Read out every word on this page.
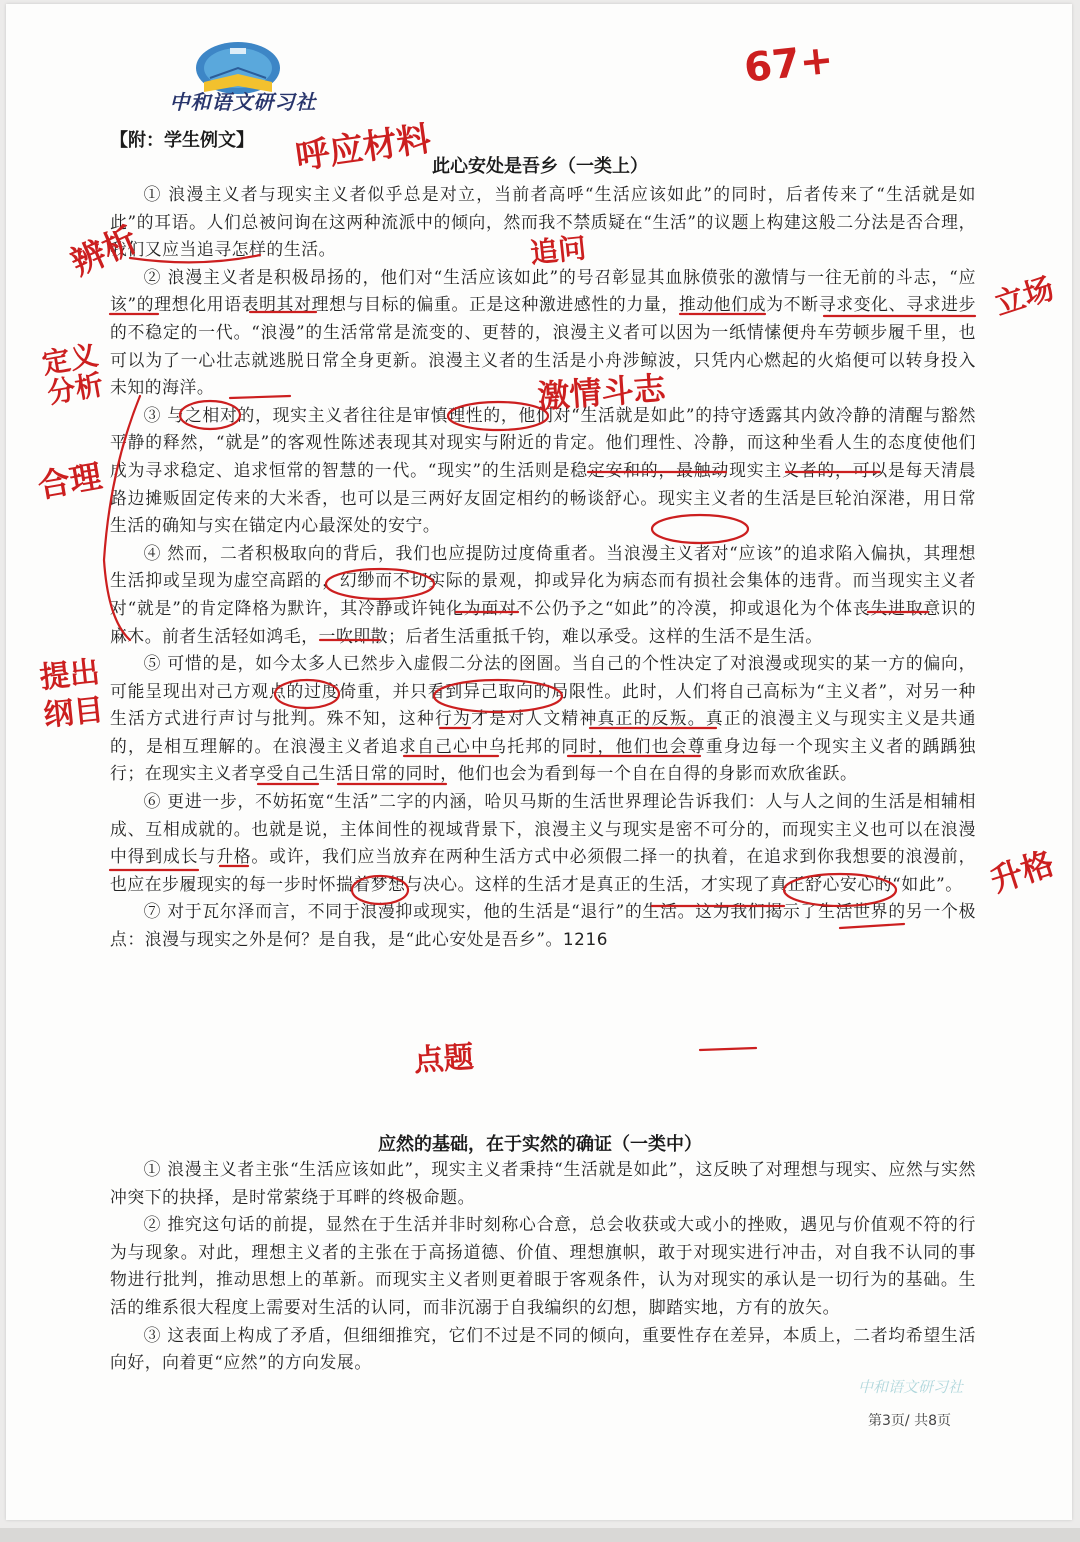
中和语文研习社
【附：学生例文】
此心安处是吾乡（一类上）

① 浪漫主义者与现实主义者似乎总是对立，当前者高呼“生活应该如此”的同时，后者传来了“生活就是如此”的耳语。人们总被问询在这两种流派中的倾向，然而我不禁质疑在“生活”的议题上构建这般二分法是否合理，我们又应当追寻怎样的生活。

② 浪漫主义者是积极昂扬的，他们对“生活应该如此”的号召彰显其血脉偾张的激情与一往无前的斗志，“应该”的理想化用语表明其对理想与目标的偏重。正是这种激进感性的力量，推动他们成为不断寻求变化、寻求进步的不稳定的一代。“浪漫”的生活常常是流变的、更替的，浪漫主义者可以因为一纸情愫便舟车劳顿步履千里，也可以为了一心壮志就逃脱日常全身更新。浪漫主义者的生活是小舟涉鲸波，只凭内心燃起的火焰便可以转身投入未知的海洋。

③ 与之相对的，现实主义者往往是审慎理性的，他们对“生活就是如此”的持守透露其内敛冷静的清醒与豁然平静的释然，“就是”的客观性陈述表现其对现实与附近的肯定。他们理性、冷静，而这种坐看人生的态度使他们成为寻求稳定、追求恒常的智慧的一代。“现实”的生活则是稳定安和的，最触动现实主义者的，可以是每天清晨路边摊贩固定传来的大米香，也可以是三两好友固定相约的畅谈舒心。现实主义者的生活是巨轮泊深港，用日常生活的确知与实在锚定内心最深处的安宁。

④ 然而，二者积极取向的背后，我们也应提防过度倚重者。当浪漫主义者对“应该”的追求陷入偏执，其理想生活抑或呈现为虚空高蹈的，幻缈而不切实际的景观，抑或异化为病态而有损社会集体的违背。而当现实主义者对“就是”的肯定降格为默许，其冷静或许钝化为面对不公仍予之“如此”的冷漠，抑或退化为个体丧失进取意识的麻木。前者生活轻如鸿毛，一吹即散；后者生活重抵千钧，难以承受。这样的生活不是生活。

⑤ 可惜的是，如今太多人已然步入虚假二分法的囹圄。当自己的个性决定了对浪漫或现实的某一方的偏向，可能呈现出对己方观点的过度倚重，并只看到异己取向的局限性。此时，人们将自己高标为“主义者”，对另一种生活方式进行声讨与批判。殊不知，这种行为才是对人文精神真正的反叛。真正的浪漫主义与现实主义是共通的，是相互理解的。在浪漫主义者追求自己心中乌托邦的同时，他们也会尊重身边每一个现实主义者的踽踽独行；在现实主义者享受自己生活日常的同时，他们也会为看到每一个自在自得的身影而欢欣雀跃。

⑥ 更进一步，不妨拓宽“生活”二字的内涵，哈贝马斯的生活世界理论告诉我们：人与人之间的生活是相辅相成、互相成就的。也就是说，主体间性的视域背景下，浪漫主义与现实是密不可分的，而现实主义也可以在浪漫中得到成长与升格。或许，我们应当放弃在两种生活方式中必须假二择一的执着，在追求到你我想要的浪漫前，也应在步履现实的每一步时怀揣着梦想与决心。这样的生活才是真正的生活，才实现了真正舒心安心的“如此”。

⑦ 对于瓦尔泽而言，不同于浪漫抑或现实，他的生活是“退行”的生活。这为我们揭示了生活世界的另一个极点：浪漫与现实之外是何？是自我，是“此心安处是吾乡”。1216

应然的基础，在于实然的确证（一类中）

① 浪漫主义者主张“生活应该如此”，现实主义者秉持“生活就是如此”，这反映了对理想与现实、应然与实然冲突下的抉择，是时常萦绕于耳畔的终极命题。

② 推究这句话的前提，显然在于生活并非时刻称心合意，总会收获或大或小的挫败，遇见与价值观不符的行为与现象。对此，理想主义者的主张在于高扬道德、价值、理想旗帜，敢于对现实进行冲击，对自我不认同的事物进行批判，推动思想上的革新。而现实主义者则更着眼于客观条件，认为对现实的承认是一切行为的基础。生活的维系很大程度上需要对生活的认同，而非沉溺于自我编织的幻想，脚踏实地，方有的放矢。

③ 这表面上构成了矛盾，但细细推究，它们不过是不同的倾向，重要性存在差异，本质上，二者均希望生活向好，向着更“应然”的方向发展。

中和语文研习社
第3页/ 共8页
67+
呼应材料
辨析	追问
立场
定义分析	激情斗志
合理
提出纲目
升格
点题
